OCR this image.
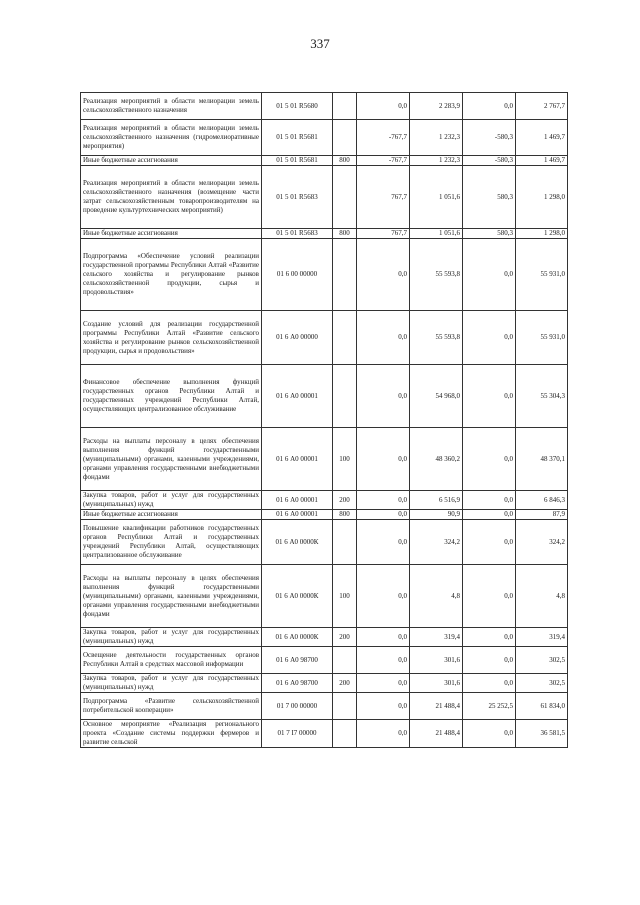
337
Реализация мероприятий в области мелиорации земель сельскохозяйственного назначения	01 5 01 R5680		0,0	2 283,9	0,0	2 767,7
Реализация мероприятий в области мелиорации земель сельскохозяйственного назначения (гидромелиоративные мероприятия)	01 5 01 R5681		-767,7	1 232,3	-580,3	1 469,7
Иные бюджетные ассигнования	01 5 01 R5681	800	-767,7	1 232,3	-580,3	1 469,7
Реализация мероприятий в области мелиорации земель сельскохозяйственного назначения (возмещение части затрат сельскохозяйственным товаропроизводителям на проведение культуртехнических мероприятий)	01 5 01 R5683		767,7	1 051,6	580,3	1 298,0
Иные бюджетные ассигнования	01 5 01 R5683	800	767,7	1 051,6	580,3	1 298,0
Подпрограмма «Обеспечение условий реализации государственной программы Республики Алтай «Развитие сельского хозяйства и регулирование рынков сельскохозяйственной продукции, сырья и продовольствия»	01 6 00 00000		0,0	55 593,8	0,0	55 931,0
Создание условий для реализации государственной программы Республики Алтай «Развитие сельского хозяйства и регулирование рынков сельскохозяйственной продукции, сырья и продовольствия»	01 6 А0 00000		0,0	55 593,8	0,0	55 931,0
Финансовое обеспечение выполнения функций государственных органов Республики Алтай и государственных учреждений Республики Алтай, осуществляющих централизованное обслуживание	01 6 А0 00001		0,0	54 968,0	0,0	55 304,3
Расходы на выплаты персоналу в целях обеспечения выполнения функций государственными (муниципальными) органами, казенными учреждениями, органами управления государственными внебюджетными фондами	01 6 А0 00001	100	0,0	48 360,2	0,0	48 370,1
Закупка товаров, работ и услуг для государственных (муниципальных) нужд	01 6 А0 00001	200	0,0	6 516,9	0,0	6 846,3
Иные бюджетные ассигнования	01 6 А0 00001	800	0,0	90,9	0,0	87,9
Повышение квалификации работников государственных органов Республики Алтай и государственных учреждений Республики Алтай, осуществляющих централизованное обслуживание	01 6 А0 0000К		0,0	324,2	0,0	324,2
Расходы на выплаты персоналу в целях обеспечения выполнения функций государственными (муниципальными) органами, казенными учреждениями, органами управления государственными внебюджетными фондами	01 6 А0 0000К	100	0,0	4,8	0,0	4,8
Закупка товаров, работ и услуг для государственных (муниципальных) нужд	01 6 А0 0000К	200	0,0	319,4	0,0	319,4
Освещение деятельности государственных органов Республики Алтай в средствах массовой информации	01 6 А0 98700		0,0	301,6	0,0	302,5
Закупка товаров, работ и услуг для государственных (муниципальных) нужд	01 6 А0 98700	200	0,0	301,6	0,0	302,5
Подпрограмма «Развитие сельскохозяйственной потребительской кооперации»	01 7 00 00000		0,0	21 488,4	25 252,5	61 834,0
Основное мероприятие «Реализация регионального проекта «Создание системы поддержки фермеров и развитие сельской	01 7 I7 00000		0,0	21 488,4	0,0	36 581,5
